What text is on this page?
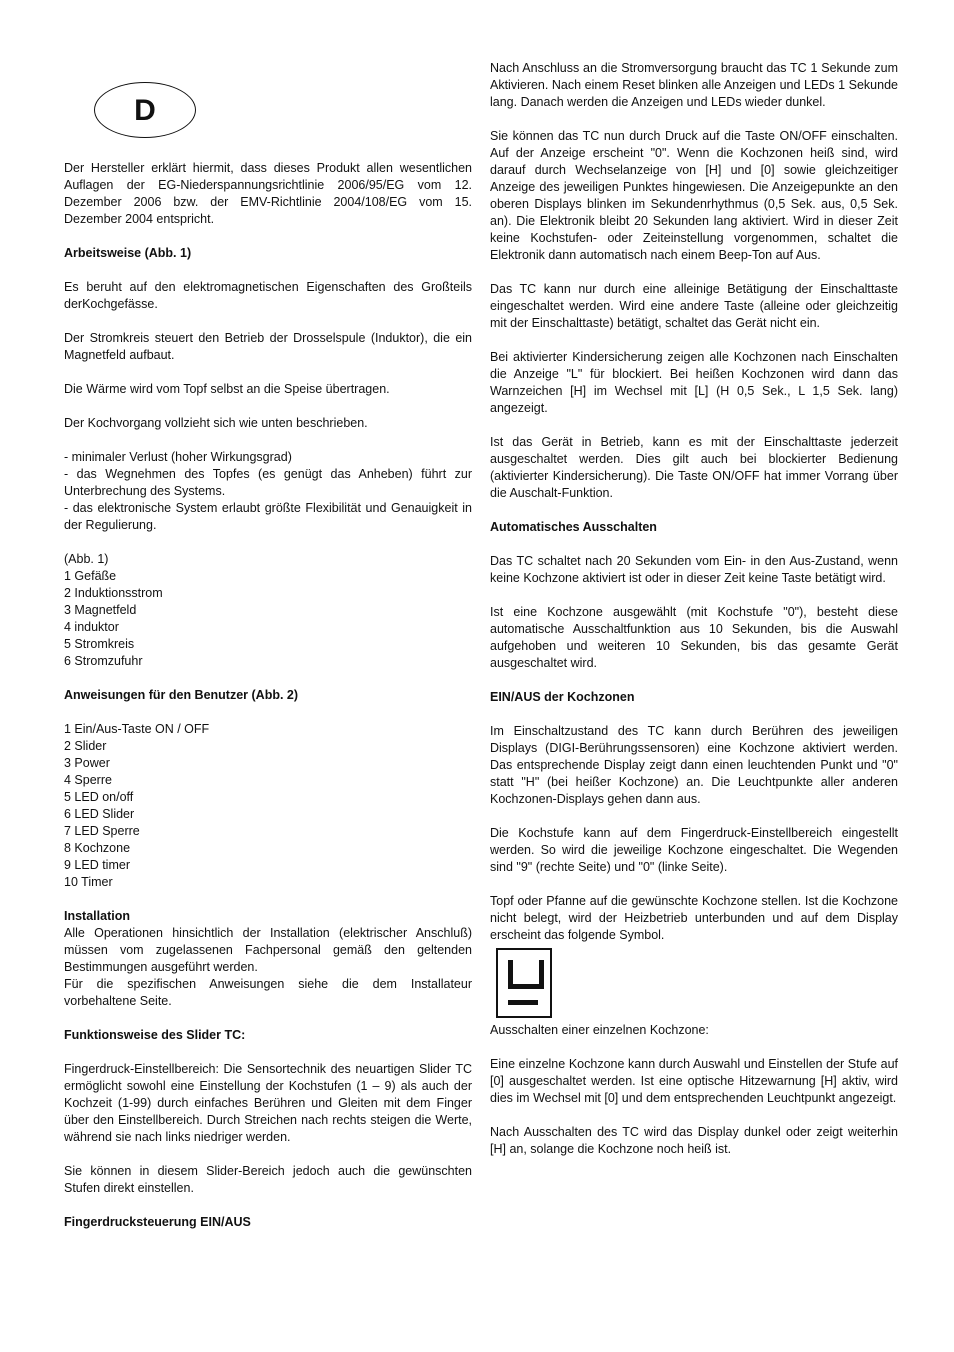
D

Der Hersteller erklärt hiermit, dass dieses Produkt allen wesentlichen Auflagen der EG-Niederspannungsrichtlinie 2006/95/EG vom 12. Dezember 2006 bzw. der EMV-Richtlinie 2004/108/EG vom 15. Dezember 2004 entspricht.

Arbeitsweise (Abb. 1)

Es beruht auf den elektromagnetischen Eigenschaften des Großteils derKochgefässe.

Der Stromkreis steuert den Betrieb der Drosselspule (Induktor), die ein Magnetfeld aufbaut.

Die Wärme wird vom Topf selbst an die Speise übertragen.

Der Kochvorgang vollzieht sich wie unten beschrieben.

- minimaler Verlust (hoher Wirkungsgrad)
- das Wegnehmen des Topfes (es genügt das Anheben) führt zur Unterbrechung des Systems.
- das elektronische System erlaubt größte Flexibilität und Genauigkeit in der Regulierung.
(Abb. 1)
1 Gefäße
2 Induktionsstrom
3 Magnetfeld
4 induktor
5 Stromkreis
6 Stromzufuhr
Anweisungen für den Benutzer (Abb. 2)
1 Ein/Aus-Taste ON / OFF
2 Slider
3 Power
4 Sperre
5 LED on/off
6 LED Slider
7 LED Sperre
8 Kochzone
9 LED timer
10 Timer
Installation

Alle Operationen hinsichtlich der Installation (elektrischer Anschluß) müssen vom zugelassenen Fachpersonal gemäß den geltenden Bestimmungen ausgeführt werden.

Für die spezifischen Anweisungen siehe die dem Installateur vorbehaltene Seite.

Funktionsweise des Slider TC:

Fingerdruck-Einstellbereich: Die Sensortechnik des neuartigen Slider TC ermöglicht sowohl eine Einstellung der Kochstufen (1 – 9) als auch der Kochzeit (1-99) durch einfaches Berühren und Gleiten mit dem Finger über den Einstellbereich. Durch Streichen nach rechts steigen die Werte, während sie nach links niedriger werden.

Sie können in diesem Slider-Bereich jedoch auch die gewünschten Stufen direkt einstellen.

Fingerdrucksteuerung EIN/AUS

Nach Anschluss an die Stromversorgung braucht das TC 1 Sekunde zum Aktivieren. Nach einem Reset blinken alle Anzeigen und LEDs 1 Sekunde lang. Danach werden die Anzeigen und LEDs wieder dunkel.

Sie können das TC nun durch Druck auf die Taste ON/OFF einschalten. Auf der Anzeige erscheint "0". Wenn die Kochzonen heiß sind, wird darauf durch Wechselanzeige von [H] und [0] sowie gleichzeitiger Anzeige des jeweiligen Punktes hingewiesen. Die Anzeigepunkte an den oberen Displays blinken im Sekundenrhythmus (0,5 Sek. aus, 0,5 Sek. an). Die Elektronik bleibt 20 Sekunden lang aktiviert. Wird in dieser Zeit keine Kochstufen- oder Zeiteinstellung vorgenommen, schaltet die Elektronik dann automatisch nach einem Beep-Ton auf Aus.

Das TC kann nur durch eine alleinige Betätigung der Einschalttaste eingeschaltet werden. Wird eine andere Taste (alleine oder gleichzeitig mit der Einschalttaste) betätigt, schaltet das Gerät nicht ein.

Bei aktivierter Kindersicherung zeigen alle Kochzonen nach Einschalten die Anzeige "L" für blockiert. Bei heißen Kochzonen wird dann das Warnzeichen [H] im Wechsel mit [L] (H 0,5 Sek., L 1,5 Sek. lang) angezeigt.

Ist das Gerät in Betrieb, kann es mit der Einschalttaste jederzeit ausgeschaltet werden. Dies gilt auch bei blockierter Bedienung (aktivierter Kindersicherung). Die Taste ON/OFF hat immer Vorrang über die Auschalt-Funktion.

Automatisches Ausschalten

Das TC schaltet nach 20 Sekunden vom Ein- in den Aus-Zustand, wenn keine Kochzone aktiviert ist oder in dieser Zeit keine Taste betätigt wird.

Ist eine Kochzone ausgewählt (mit Kochstufe "0"), besteht diese automatische Ausschaltfunktion aus 10 Sekunden, bis die Auswahl aufgehoben und weiteren 10 Sekunden, bis das gesamte Gerät ausgeschaltet wird.

EIN/AUS der Kochzonen

Im Einschaltzustand des TC kann durch Berühren des jeweiligen Displays (DIGI-Berührungssensoren) eine Kochzone aktiviert werden. Das entsprechende Display zeigt dann einen leuchtenden Punkt und "0" statt "H" (bei heißer Kochzone) an. Die Leuchtpunkte aller anderen Kochzonen-Displays gehen dann aus.

Die Kochstufe kann auf dem Fingerdruck-Einstellbereich eingestellt werden. So wird die jeweilige Kochzone eingeschaltet. Die Wegenden sind "9" (rechte Seite) und "0" (linke Seite).

Topf oder Pfanne auf die gewünschte Kochzone stellen. Ist die Kochzone nicht belegt, wird der Heizbetrieb unterbunden und auf dem Display erscheint das folgende Symbol.

Ausschalten einer einzelnen Kochzone:

Eine einzelne Kochzone kann durch Auswahl und Einstellen der Stufe auf [0] ausgeschaltet werden. Ist eine optische Hitzewarnung [H] aktiv, wird dies im Wechsel mit [0] und dem entsprechenden Leuchtpunkt angezeigt.

Nach Ausschalten des TC wird das Display dunkel oder zeigt weiterhin [H] an, solange die Kochzone noch heiß ist.
